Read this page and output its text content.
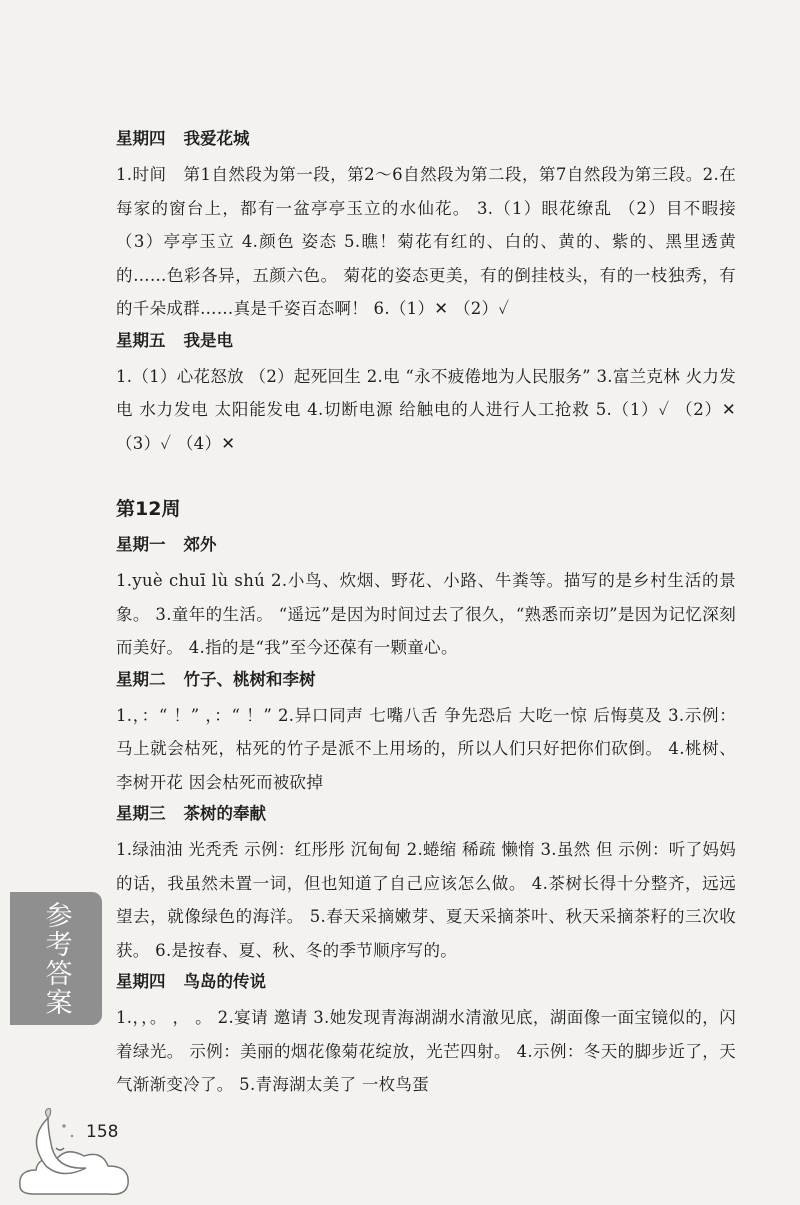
星期四 我爱花城
1.时间　第1自然段为第一段，第2～6自然段为第二段，第7自然段为第三段。2.在每家的窗台上，都有一盆亭亭玉立的水仙花。 3.（1）眼花缭乱 （2）目不暇接 （3）亭亭玉立 4.颜色 姿态 5.瞧！菊花有红的、白的、黄的、紫的、黑里透黄的……色彩各异，五颜六色。 菊花的姿态更美，有的倒挂枝头，有的一枝独秀，有的千朵成群……真是千姿百态啊！ 6.（1）✕ （2）✓
星期五 我是电
1.（1）心花怒放 （2）起死回生 2.电 “永不疲倦地为人民服务” 3.富兰克林 火力发电 水力发电 太阳能发电 4.切断电源 给触电的人进行人工抢救 5.（1）✓ （2）✕ （3）✓ （4）✕
第12周
星期一 郊外
1.yuè chuī lù shú 2.小鸟、炊烟、野花、小路、牛粪等。描写的是乡村生活的景象。 3.童年的生活。 “遥远”是因为时间过去了很久，“熟悉而亲切”是因为记忆深刻而美好。 4.指的是“我”至今还葆有一颗童心。
星期二 竹子、桃树和李树
1.，：“ ！” ，：“ ！” 2.异口同声 七嘴八舌 争先恐后 大吃一惊 后悔莫及 3.示例：马上就会枯死，枯死的竹子是派不上用场的，所以人们只好把你们砍倒。 4.桃树、李树开花 因会枯死而被砍掉
星期三 茶树的奉献
1.绿油油 光秃秃 示例：红彤彤 沉甸甸 2.蜷缩 稀疏 懒惰 3.虽然 但 示例：听了妈妈的话，我虽然未置一词，但也知道了自己应该怎么做。 4.茶树长得十分整齐，远远望去，就像绿色的海洋。 5.春天采摘嫩芽、夏天采摘茶叶、秋天采摘茶籽的三次收获。 6.是按春、夏、秋、冬的季节顺序写的。
星期四 鸟岛的传说
1.，，。 ， 。 2.宴请 邀请 3.她发现青海湖湖水清澈见底，湖面像一面宝镜似的，闪着绿光。 示例：美丽的烟花像菊花绽放，光芒四射。 4.示例：冬天的脚步近了，天气渐渐变冷了。 5.青海湖太美了 一枚鸟蛋
参考答案
158
